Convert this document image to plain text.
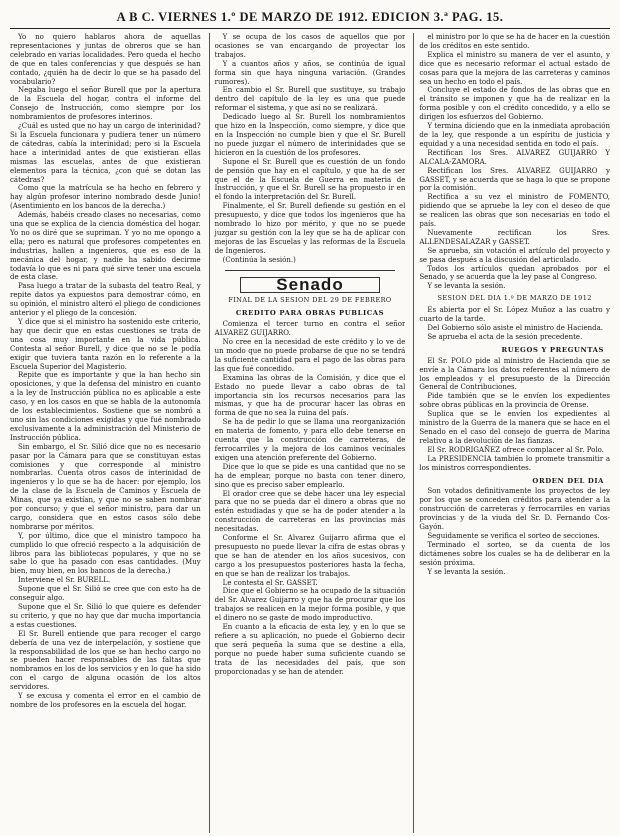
A B C. VIERNES 1.º DE MARZO DE 1912. EDICION 3.ª PAG. 15.

Yo no quiero hablaros ahora de aquellas representaciones y juntas de obreros que se han celebrado en varias localidades. Pero queda el hecho de que en tales conferencias y que después se han contado, ¿quién ha de decir lo que se ha pasado del vocabulario?

Negaba luego el señor Burell que por la apertura de la Escuela del hogar, contra el informe del Consejo de Instrucción, como siempre por los nombramientos de profesores interinos.

¿Cuál es usted que no hay un cargo de interinidad? Si la Escuela funcionara y pudiera tener un número de cátedras, cabía la interinidad; pero si la Escuela hace a interinidad antes de que existieran ellas mismas las escuelas, antes de que existieran elementos para la técnica, ¿con qué se dotan las cátedras?

Como que la matrícula se ha hecho en febrero y hay algún profesor interino nombrado desde Junio! (Asentimiento en los bancos de la derecha.)

Además, habéis creado clases no necesarias, como una que se explica de la ciencia doméstica del hogar. Yo no os diré que se supriman. Y yo no me opongo a ella; pero es natural que profesores competentes en industrias, hallen a ingenieros, que es eso de la mecánica del hogar, y nadie ha sabido decirme todavía lo que es ni para qué sirve tener una escuela de esta clase.

Pasa luego a tratar de la subasta del teatro Real, y repite datos ya expuestos para demostrar cómo, en su opinión, el ministro alteró el pliego de condiciones anterior y el pliego de la concesión.

Y dice que si el ministro ha sostenido este criterio, hay que decir que en estas cuestiones se trata de una cosa muy importante en la vida pública. Contesta al señor Burell, y dice que no se le podía exigir que tuviera tanta razón en lo referente a la Escuela Superior del Magisterio.

Repite que es importante y que la han hecho sin oposiciones, y que la defensa del ministro en cuanto a la ley de Instrucción pública no es aplicable a este caso, y en los casos en que se habla de la autonomía de los establecimientos. Sostiene que se nombró a uno sin las condiciones exigidas y que fué nombrado exclusivamente a la administración del Ministerio de Instrucción pública.

Sin embargo, el Sr. Silió dice que no es necesario pasar por la Cámara para que se constituyan estas comisiones y que corresponde al ministro nombrarlas. Cuenta otros casos de interinidad de ingenieros y lo que se ha de hacer: por ejemplo, los de la clase de la Escuela de Caminos y Escuela de Minas, que ya existían, y que no se saben nombrar por concurso; y que el señor ministro, para dar un cargo, considera que en estos casos sólo debe nombrarse por méritos.

Y, por último, dice que el ministro tampoco ha cumplido lo que ofreció respecto a la adquisición de libros para las bibliotecas populares, y que no se sabe lo que ha pasado con esas cantidades. (Muy bien, muy bien, en los bancos de la derecha.)

Interviene el Sr. BURELL.

Supone que el Sr. Silió se cree que con esto ha de conseguir algo.

Supone que el Sr. Silió lo que quiere es defender su criterio, y que no hay que dar mucha importancia a estas cuestiones.

El Sr. Burell entiende que para recoger el cargo debería de una vez de interpelación, y sostiene que la responsabilidad de los que se han hecho cargo no se pueden hacer responsables de las faltas que nombramos en los de los servicios y en lo que ha sido con el cargo de alguna ocasión de los altos servidores.

Y se excusa y comenta el error en el cambio de nombre de los profesores en la escuela del hogar.

Y se ocupa de los casos de aquellos que por ocasiones se van encargando de proyectar los trabajos.

Y a cuantos años y años, se continúa de igual forma sin que haya ninguna variación. (Grandes rumores).

En cambio el Sr. Burell que sustituye, su trabajo dentro del capítulo de la ley es una que puede reformar el sistema, y que así no se realizará.

Dedicado luego al Sr. Burell los nombramientos que hizo en la Inspección, como siempre, y dice que en la Inspección no cumple bien y que el Sr. Burell no puede juzgar el número de interinidades que se hicieron en la cuestión de los profesores.

Supone el Sr. Burell que es cuestión de un fondo de pensión que hay en el capítulo, y que ha de ser que el de la Escuela de Guerra en materia de Instrucción, y que el Sr. Burell se ha propuesto ir en el fondo la interpretación del Sr. Burell.

Finalmente, el Sr. Burell defiende su gestión en el presupuesto, y dice que todos los ingenieros que ha nombrado lo hizo por mérito, y que no se puede juzgar su gestión con la ley que se ha de aplicar con mejoras de las Escuelas y las reformas de la Escuela de Ingenieros.

(Continúa la sesión.)

Senado
FINAL DE LA SESION DEL 29 DE FEBRERO
CREDITO PARA OBRAS PUBLICAS

Comienza el tercer turno en contra el señor ALVAREZ GUIJARRO.

No cree en la necesidad de este crédito y lo ve de un modo que no puede probarse de que no se tendrá la suficiente cantidad para el pago de las obras para las que fué concedido.

Examina las obras de la Comisión, y dice que el Estado no puede llevar a cabo obras de tal importancia sin los recursos necesarios para las mismas, y que ha de procurar hacer las obras en forma de que no sea la ruina del país.

Se ha de pedir lo que se llama una reorganización en materia de fomento, y para ello debe tenerse en cuenta que la construcción de carreteras, de ferrocarriles y la mejora de los caminos vecinales exigen una atención preferente del Gobierno.

Dice que lo que se pide es una cantidad que no se ha de emplear, porque no basta con tener dinero, sino que es preciso saber emplearlo.

El orador cree que se debe hacer una ley especial para que no se pueda dar el dinero a obras que no estén estudiadas y que se ha de poder atender a la construcción de carreteras en las provincias más necesitadas.

Conforme el Sr. Alvarez Guijarro afirma que el presupuesto no puede llevar la cifra de estas obras y que se han de atender en los años sucesivos, con cargo a los presupuestos posteriores hasta la fecha, en que se han de realizar los trabajos.

Le contesta el Sr. GASSET.

Dice que el Gobierno se ha ocupado de la situación del Sr. Alvarez Guijarro y que ha de procurar que los trabajos se realicen en la mejor forma posible, y que el dinero no se gaste de modo improductivo.

En cuanto a la eficacia de esta ley, y en lo que se refiere a su aplicación, no puede el Gobierno decir que será pequeña la suma que se destine a ella, porque no puede haber suma suficiente cuando se trata de las necesidades del país, que son proporcionadas y se han de atender.

el ministro por lo que se ha de hacer en la cuestión de los créditos en este sentido.

Explica el ministro su manera de ver el asunto, y dice que es necesario reformar el actual estado de cosas para que la mejora de las carreteras y caminos sea un hecho en todo el país.

Concluye el estado de fondos de las obras que en el tránsito se imponen y que ha de realizar en la forma posible y con el crédito concedido, y a ello se dirigen los esfuerzos del Gobierno.

Y termina diciendo que en la inmediata aprobación de la ley, que responde a un espíritu de justicia y equidad y a una necesidad sentida en todo el país.

Rectifican los Sres. ALVAREZ GUIJARRO Y ALCALA-ZAMORA.

Rectifican los Sres. ALVAREZ GUIJARRO y GASSET, y se acuerda que se haga lo que se propone por la comisión.

Rectifica a su vez el ministro de FOMENTO, pidiendo que se apruebe la ley con el deseo de que se realicen las obras que son necesarias en todo el país.

Nuevamente rectifican los Sres. ALLENDESALAZAR y GASSET.

Se aprueba, sin votación el artículo del proyecto y se pasa después a la discusión del articulado.

Todos los artículos quedan aprobados por el Senado, y se acuerda que la ley pase al Congreso.

Y se levanta la sesión.

SESION DEL DIA 1.º DE MARZO DE 1912

Es abierta por el Sr. López Muñoz a las cuatro y cuarto de la tarde.

Del Gobierno sólo asiste el ministro de Hacienda.

Se aprueba el acta de la sesión precedente.

RUEGOS Y PREGUNTAS

El Sr. POLO pide al ministro de Hacienda que se envíe a la Cámara los datos referentes al número de los empleados y el presupuesto de la Dirección General de Contribuciones.

Pide también que se le envíen los expedientes sobre obras públicas en la provincia de Orense.

Suplica que se le envíen los expedientes al ministro de la Guerra de la manera que se hace en el Senado en el caso del consejo de guerra de Marina relativo a la devolución de las fianzas.

El Sr. RODRIGAÑEZ ofrece complacer al Sr. Polo.

La PRESIDENCIA también lo promete transmitir a los ministros correspondientes.

ORDEN DEL DIA

Son votados definitivamente los proyectos de ley por los que se conceden créditos para atender a la construcción de carreteras y ferrocarriles en varias provincias y de la viuda del Sr. D. Fernando Cos-Gayón.

Seguidamente se verifica el sorteo de secciones.

Terminado el sorteo, se da cuenta de los dictámenes sobre los cuales se ha de deliberar en la sesión próxima.

Y se levanta la sesión.
